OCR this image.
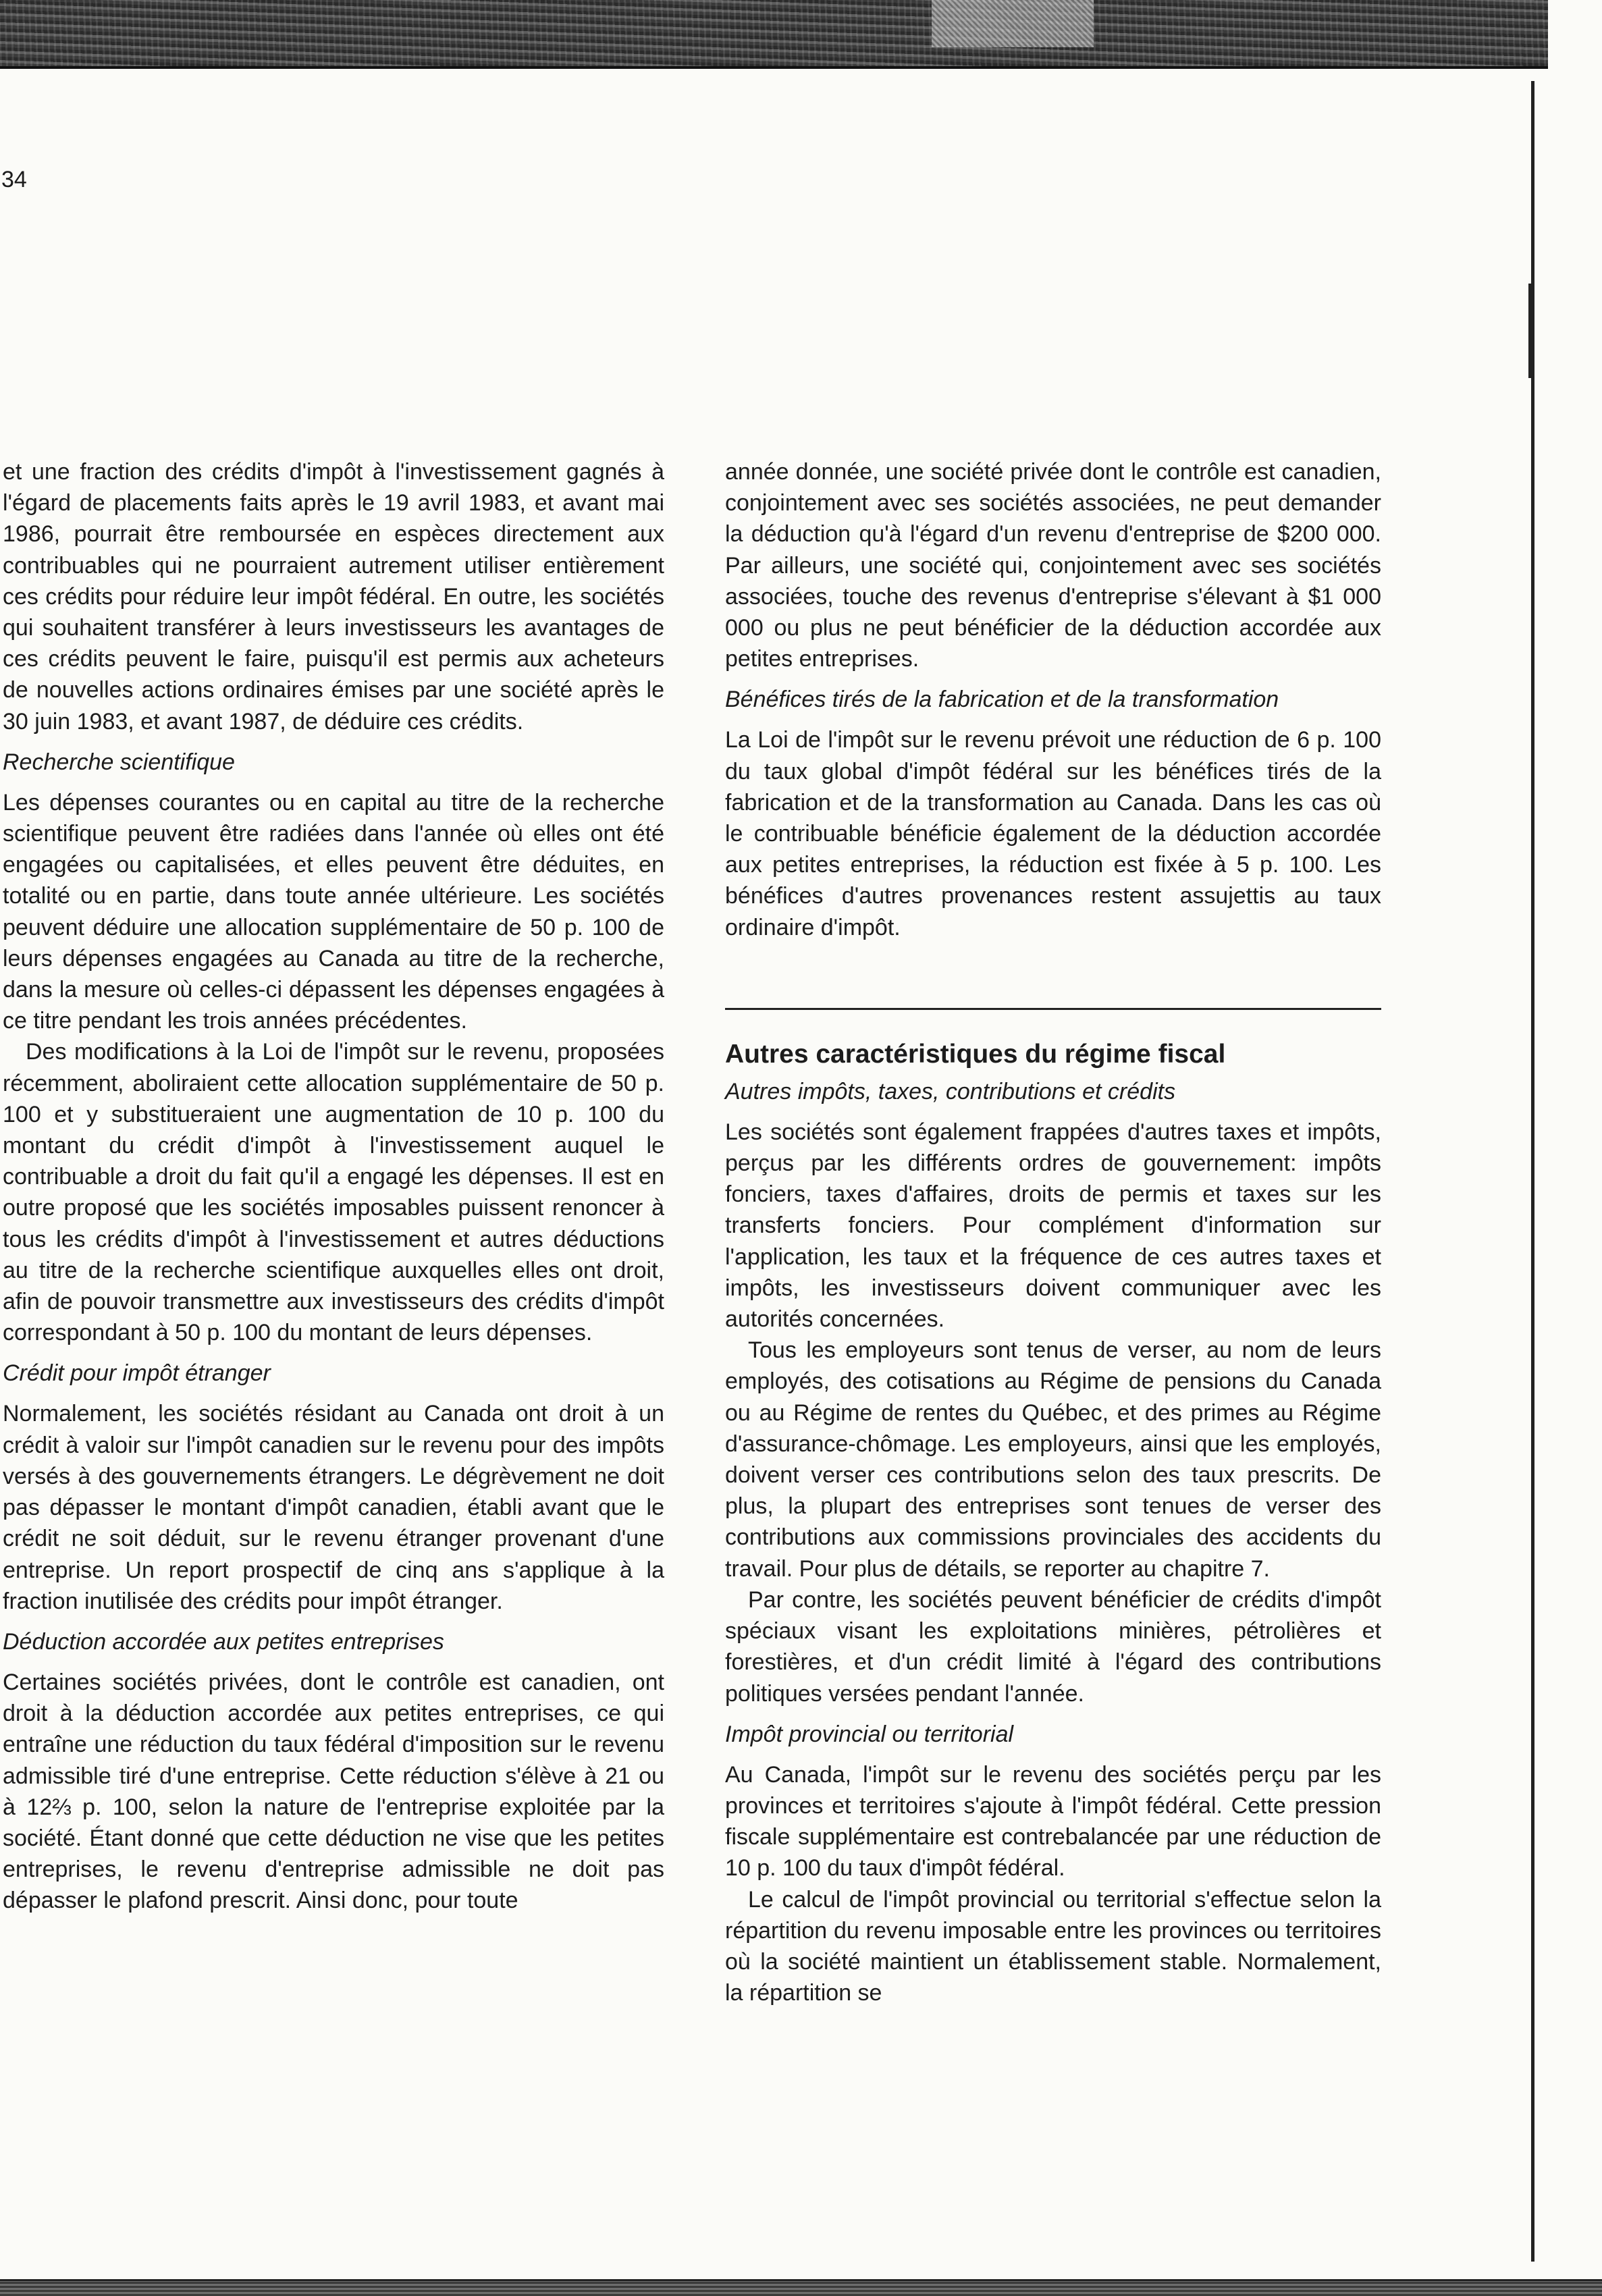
34

et une fraction des crédits d'impôt à l'investissement gagnés à l'égard de placements faits après le 19 avril 1983, et avant mai 1986, pourrait être remboursée en espèces directement aux contribuables qui ne pourraient autrement utiliser entièrement ces crédits pour réduire leur impôt fédéral. En outre, les sociétés qui souhaitent transférer à leurs investisseurs les avantages de ces crédits peuvent le faire, puisqu'il est permis aux acheteurs de nouvelles actions ordinaires émises par une société après le 30 juin 1983, et avant 1987, de déduire ces crédits.

Recherche scientifique

Les dépenses courantes ou en capital au titre de la recherche scientifique peuvent être radiées dans l'année où elles ont été engagées ou capitalisées, et elles peuvent être déduites, en totalité ou en partie, dans toute année ultérieure. Les sociétés peuvent déduire une allocation supplémentaire de 50 p. 100 de leurs dépenses engagées au Canada au titre de la recherche, dans la mesure où celles-ci dépassent les dépenses engagées à ce titre pendant les trois années précédentes.

Des modifications à la Loi de l'impôt sur le revenu, proposées récemment, aboliraient cette allocation supplémentaire de 50 p. 100 et y substitueraient une augmentation de 10 p. 100 du montant du crédit d'impôt à l'investissement auquel le contribuable a droit du fait qu'il a engagé les dépenses. Il est en outre proposé que les sociétés imposables puissent renoncer à tous les crédits d'impôt à l'investissement et autres déductions au titre de la recherche scientifique auxquelles elles ont droit, afin de pouvoir transmettre aux investisseurs des crédits d'impôt correspondant à 50 p. 100 du montant de leurs dépenses.

Crédit pour impôt étranger

Normalement, les sociétés résidant au Canada ont droit à un crédit à valoir sur l'impôt canadien sur le revenu pour des impôts versés à des gouvernements étrangers. Le dégrèvement ne doit pas dépasser le montant d'impôt canadien, établi avant que le crédit ne soit déduit, sur le revenu étranger provenant d'une entreprise. Un report prospectif de cinq ans s'applique à la fraction inutilisée des crédits pour impôt étranger.

Déduction accordée aux petites entreprises

Certaines sociétés privées, dont le contrôle est canadien, ont droit à la déduction accordée aux petites entreprises, ce qui entraîne une réduction du taux fédéral d'imposition sur le revenu admissible tiré d'une entreprise. Cette réduction s'élève à 21 ou à 12⅔ p. 100, selon la nature de l'entreprise exploitée par la société. Étant donné que cette déduction ne vise que les petites entreprises, le revenu d'entreprise admissible ne doit pas dépasser le plafond prescrit. Ainsi donc, pour toute

année donnée, une société privée dont le contrôle est canadien, conjointement avec ses sociétés associées, ne peut demander la déduction qu'à l'égard d'un revenu d'entreprise de $200 000. Par ailleurs, une société qui, conjointement avec ses sociétés associées, touche des revenus d'entreprise s'élevant à $1 000 000 ou plus ne peut bénéficier de la déduction accordée aux petites entreprises.

Bénéfices tirés de la fabrication et de la transformation

La Loi de l'impôt sur le revenu prévoit une réduction de 6 p. 100 du taux global d'impôt fédéral sur les bénéfices tirés de la fabrication et de la transformation au Canada. Dans les cas où le contribuable bénéficie également de la déduction accordée aux petites entreprises, la réduction est fixée à 5 p. 100. Les bénéfices d'autres provenances restent assujettis au taux ordinaire d'impôt.

Autres caractéristiques du régime fiscal
Autres impôts, taxes, contributions et crédits

Les sociétés sont également frappées d'autres taxes et impôts, perçus par les différents ordres de gouvernement: impôts fonciers, taxes d'affaires, droits de permis et taxes sur les transferts fonciers. Pour complément d'information sur l'application, les taux et la fréquence de ces autres taxes et impôts, les investisseurs doivent communiquer avec les autorités concernées.

Tous les employeurs sont tenus de verser, au nom de leurs employés, des cotisations au Régime de pensions du Canada ou au Régime de rentes du Québec, et des primes au Régime d'assurance-chômage. Les employeurs, ainsi que les employés, doivent verser ces contributions selon des taux prescrits. De plus, la plupart des entreprises sont tenues de verser des contributions aux commissions provinciales des accidents du travail. Pour plus de détails, se reporter au chapitre 7.

Par contre, les sociétés peuvent bénéficier de crédits d'impôt spéciaux visant les exploitations minières, pétrolières et forestières, et d'un crédit limité à l'égard des contributions politiques versées pendant l'année.

Impôt provincial ou territorial

Au Canada, l'impôt sur le revenu des sociétés perçu par les provinces et territoires s'ajoute à l'impôt fédéral. Cette pression fiscale supplémentaire est contrebalancée par une réduction de 10 p. 100 du taux d'impôt fédéral.

Le calcul de l'impôt provincial ou territorial s'effectue selon la répartition du revenu imposable entre les provinces ou territoires où la société maintient un établissement stable. Normalement, la répartition se
